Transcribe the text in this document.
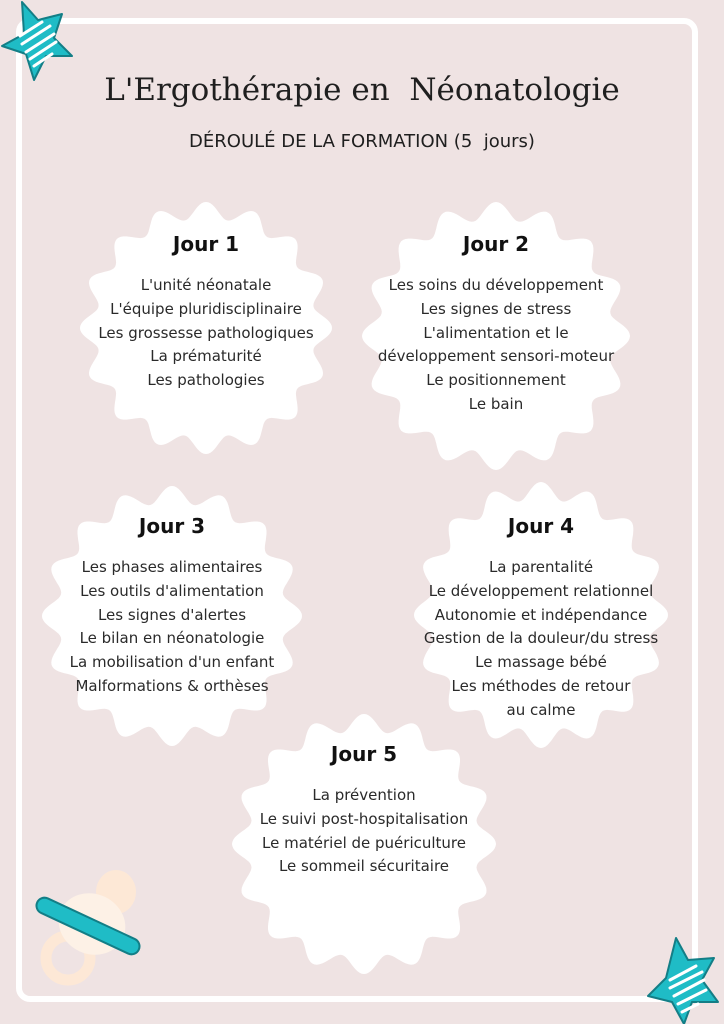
L'Ergothérapie en  Néonatologie

DÉROULÉ DE LA FORMATION (5  jours)

Jour 1
L'unité néonatale
L'équipe pluridisciplinaire
Les grossesse pathologiques
La prématurité
Les pathologies
Jour 2
Les soins du développement
Les signes de stress
L'alimentation et le
développement sensori-moteur
Le positionnement
Le bain
Jour 3
Les phases alimentaires
Les outils d'alimentation
Les signes d'alertes
Le bilan en néonatologie
La mobilisation d'un enfant
Malformations & orthèses
Jour 4
La parentalité
Le développement relationnel
Autonomie et indépendance
Gestion de la douleur/du stress
Le massage bébé
Les méthodes de retour
au calme
Jour 5
La prévention
Le suivi post-hospitalisation
Le matériel de puériculture
Le sommeil sécuritaire
